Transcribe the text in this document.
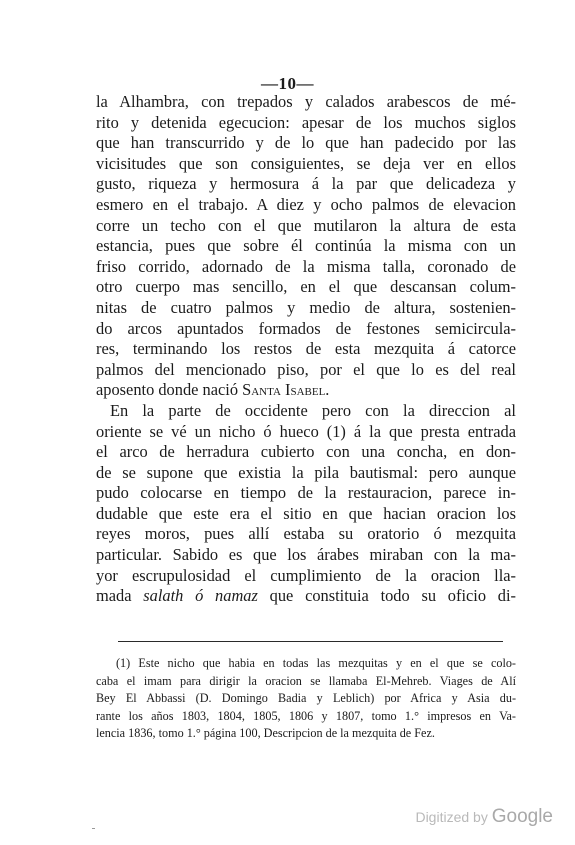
—10—
la Alhambra, con trepados y calados arabescos de mé-
rito y detenida egecucion: apesar de los muchos siglos
que han transcurrido y de lo que han padecido por las
vicisitudes que son consiguientes, se deja ver en ellos
gusto, riqueza y hermosura á la par que delicadeza y
esmero en el trabajo. A diez y ocho palmos de elevacion
corre un techo con el que mutilaron la altura de esta
estancia, pues que sobre él continúa la misma con un
friso corrido, adornado de la misma talla, coronado de
otro cuerpo mas sencillo, en el que descansan colum-
nitas de cuatro palmos y medio de altura, sostenien-
do arcos apuntados formados de festones semicircula-
res, terminando los restos de esta mezquita á catorce
palmos del mencionado piso, por el que lo es del real
aposento donde nació Santa Isabel.
En la parte de occidente pero con la direccion al
oriente se vé un nicho ó hueco (1) á la que presta entrada
el arco de herradura cubierto con una concha, en don-
de se supone que existia la pila bautismal: pero aunque
pudo colocarse en tiempo de la restauracion, parece in-
dudable que este era el sitio en que hacian oracion los
reyes moros, pues allí estaba su oratorio ó mezquita
particular. Sabido es que los árabes miraban con la ma-
yor escrupulosidad el cumplimiento de la oracion lla-
mada salath ó namaz que constituia todo su oficio di-
(1) Este nicho que habia en todas las mezquitas y en el que se colo-
caba el imam para dirigir la oracion se llamaba El-Mehreb. Viages de Alí
Bey El Abbassi (D. Domingo Badia y Leblich) por Africa y Asia du-
rante los años 1803, 1804, 1805, 1806 y 1807, tomo 1.° impresos en Va-
lencia 1836, tomo 1.° página 100, Descripcion de la mezquita de Fez.
Digitized by Google
